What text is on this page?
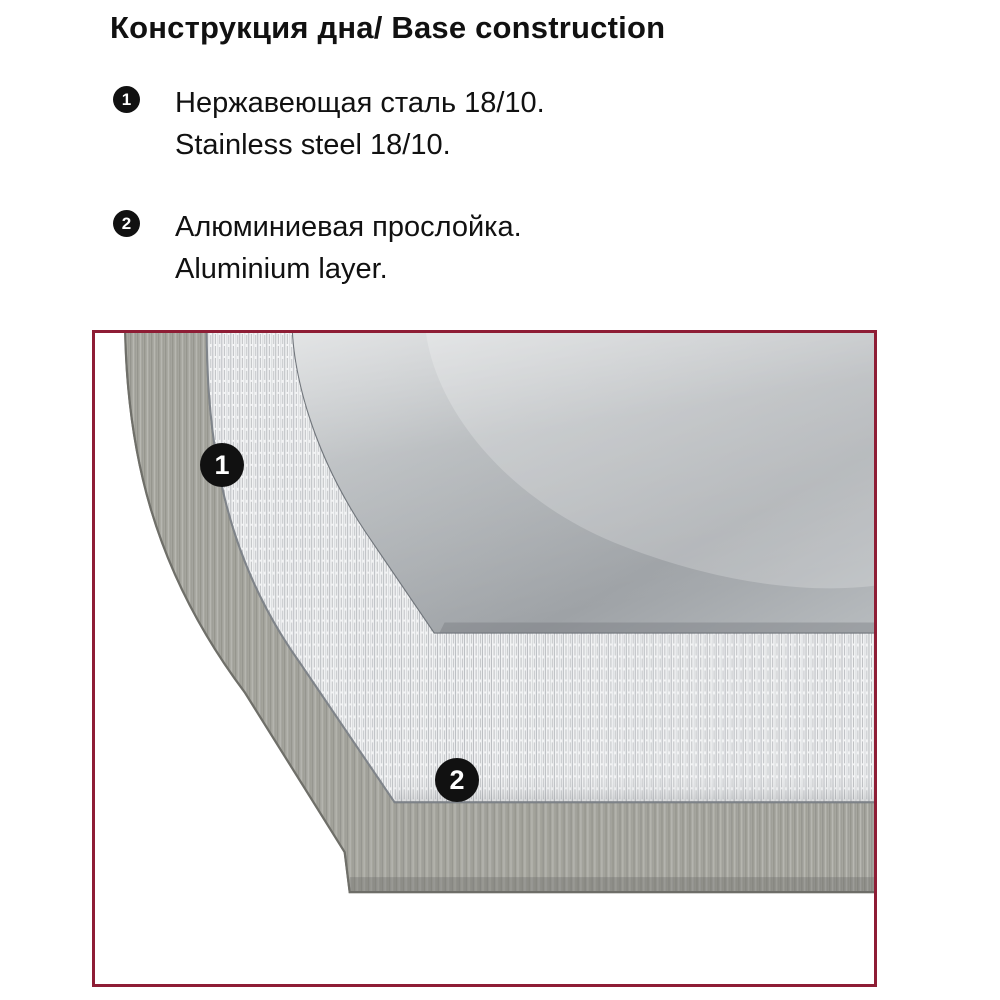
Конструкция дна/ Base construction
1	Нержавеющая сталь 18/10.
Stainless steel 18/10.
2	Алюминиевая прослойка.
Aluminium layer.
1
2
